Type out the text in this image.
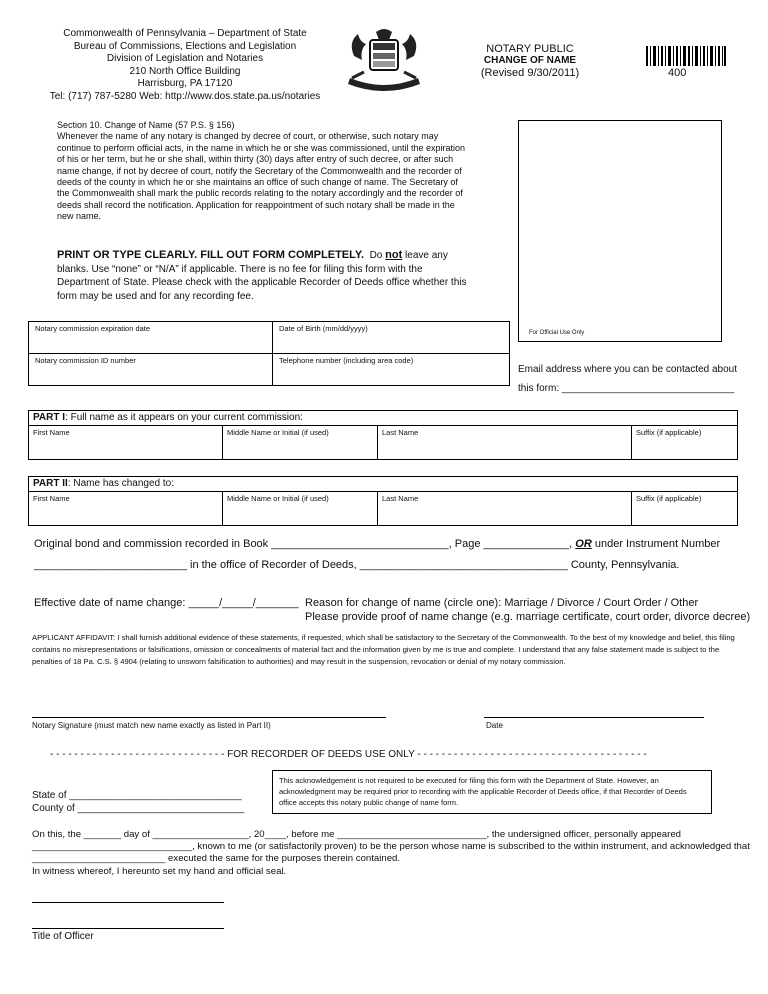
Commonwealth of Pennsylvania – Department of State
Bureau of Commissions, Elections and Legislation
Division of Legislation and Notaries
210 North Office Building
Harrisburg, PA 17120
Tel: (717) 787-5280 Web: http://www.dos.state.pa.us/notaries
NOTARY PUBLIC
CHANGE OF NAME
(Revised 9/30/2011)	400
Section 10. Change of Name (57 P.S. § 156)
Whenever the name of any notary is changed by decree of court, or otherwise, such notary may continue to perform official acts, in the name in which he or she was commissioned, until the expiration of his or her term, but he or she shall, within thirty (30) days after entry of such decree, or after such name change, if not by decree of court, notify the Secretary of the Commonwealth and the recorder of deeds of the county in which he or she maintains an office of such change of name. The Secretary of the Commonwealth shall mark the public records relating to the notary accordingly and the recorder of deeds shall record the notification. Application for reappointment of such notary shall be made in the new name.
PRINT OR TYPE CLEARLY. FILL OUT FORM COMPLETELY. Do not leave any blanks. Use “none” or “N/A” if applicable. There is no fee for filing this form with the Department of State. Please check with the applicable Recorder of Deeds office whether this form may be used and for any recording fee.
For Official Use Only
Notary commission expiration date	Date of Birth (mm/dd/yyyy)
Notary commission ID number	Telephone number (including area code)
Email address where you can be contacted about
this form: _______________________________
PART I: Full name as it appears on your current commission:
First Name	Middle Name or Initial (if used)	Last Name	Suffix (if applicable)
PART II: Name has changed to:
First Name	Middle Name or Initial (if used)	Last Name	Suffix (if applicable)
Original bond and commission recorded in Book _____________________________, Page ______________, OR under Instrument Number
_________________________ in the office of Recorder of Deeds, __________________________________ County, Pennsylvania.
Effective date of name change: _____/_____/_______ Reason for change of name (circle one): Marriage / Divorce / Court Order / Other
Please provide proof of name change (e.g. marriage certificate, court order, divorce decree)
APPLICANT AFFIDAVIT: I shall furnish additional evidence of these statements, if requested, which shall be satisfactory to the Secretary of the Commonwealth. To the best of my knowledge and belief, this filing contains no misrepresentations or falsifications, omission or concealments of material fact and the information given by me is true and complete. I understand that any false statement made is subject to the penalties of 18 Pa. C.S. § 4904 (relating to unsworn falsification to authorities) and may result in the suspension, revocation or denial of my notary commission.
Notary Signature (must match new name exactly as listed in Part II)	Date
- - - - - - - - - - - - - - - - - - - - - - - - - - - - - FOR RECORDER OF DEEDS USE ONLY - - - - - - - - - - - - - - - - - - - - - - - - - - - - - - - - - - - - - -
This acknowledgement is not required to be executed for filing this form with the Department of State. However, an acknowledgment may be required prior to recording with the applicable Recorder of Deeds office, if that Recorder of Deeds office accepts this notary public change of name form.
State of _______________________________
County of ______________________________
On this, the _______ day of __________________, 20____, before me ____________________________, the undersigned officer, personally appeared
______________________________, known to me (or satisfactorily proven) to be the person whose name is subscribed to the within instrument, and acknowledged that
_________________________ executed the same for the purposes therein contained.
In witness whereof, I hereunto set my hand and official seal.
Title of Officer
